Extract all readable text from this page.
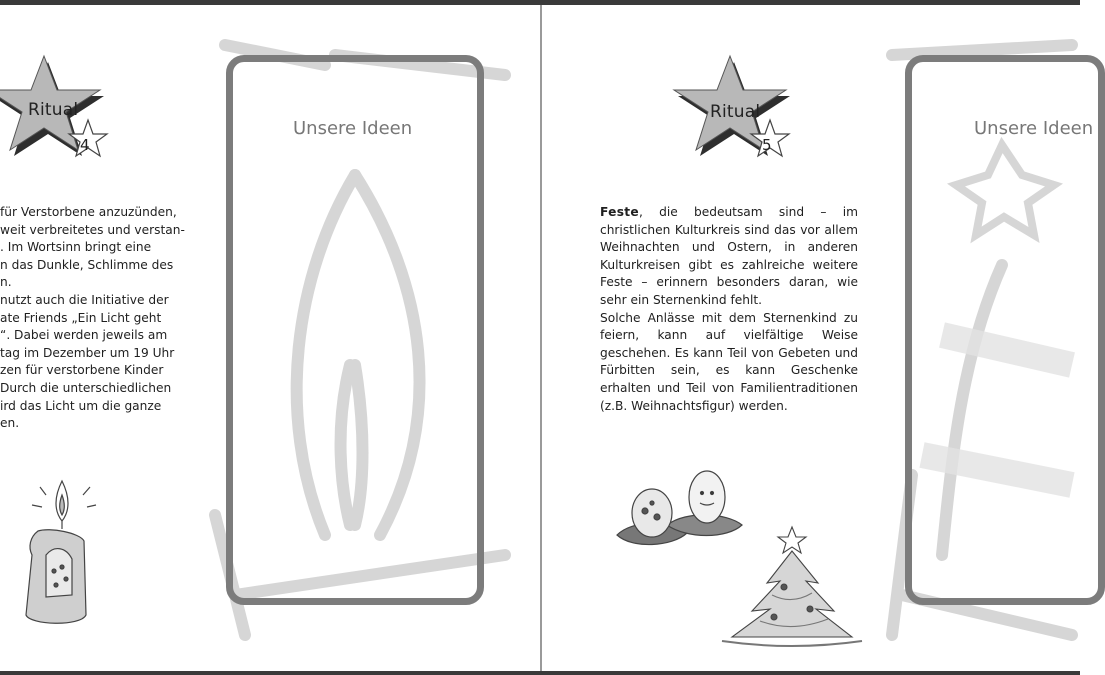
Ritual
4
für Verstorbene anzuzünden,
weit verbreitetes und verstan-
. Im Wortsinn bringt eine
n das Dunkle, Schlimme des
n.
nutzt auch die Initiative der
ate Friends „Ein Licht geht
“. Dabei werden jeweils am
tag im Dezember um 19 Uhr
zen für verstorbene Kinder
Durch die unterschiedlichen
ird das Licht um die ganze
en.
Unsere Ideen
Ritual
5

Feste, die bedeutsam sind – im christlichen Kulturkreis sind das vor allem Weihnachten und Ostern, in anderen Kulturkreisen gibt es zahlreiche weitere Feste – erinnern besonders daran, wie sehr ein Sternenkind fehlt.

Solche Anlässe mit dem Sternenkind zu feiern, kann auf vielfältige Weise geschehen. Es kann Teil von Gebeten und Fürbitten sein, es kann Geschenke erhalten und Teil von Familientraditionen (z.B. Weihnachtsfigur) werden.

Unsere Ideen
